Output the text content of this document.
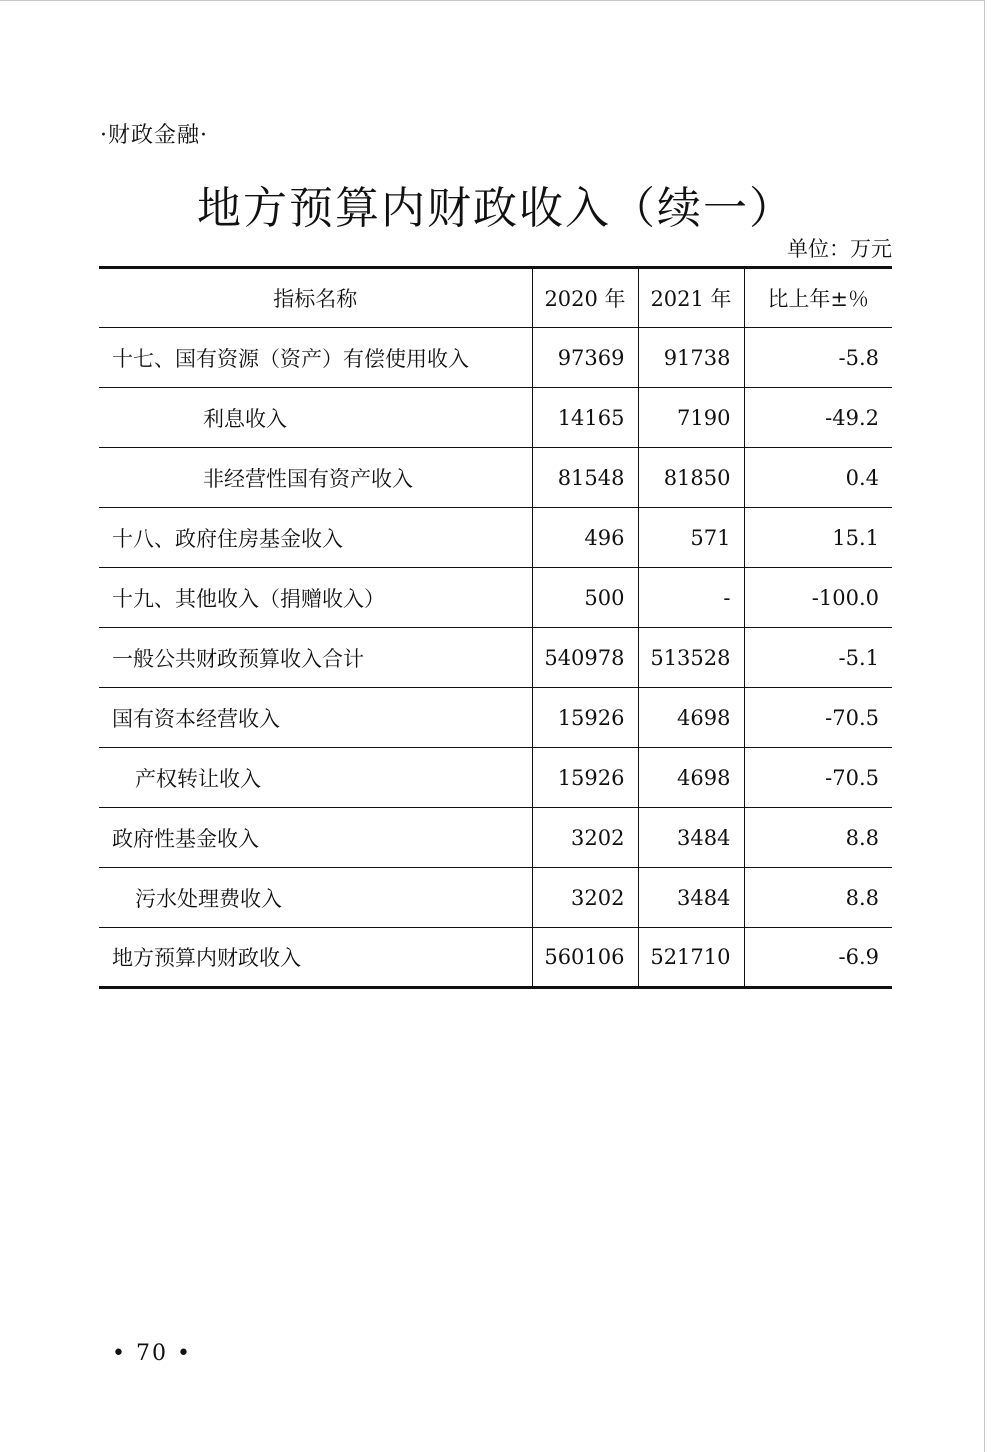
·财政金融·
地方预算内财政收入（续一）
单位：万元
指标名称	2020 年	2021 年	比上年±％
十七、国有资源（资产）有偿使用收入	97369	91738	-5.8
利息收入	14165	7190	-49.2
非经营性国有资产收入	81548	81850	0.4
十八、政府住房基金收入	496	571	15.1
十九、其他收入（捐赠收入）	500	-	-100.0
一般公共财政预算收入合计	540978	513528	-5.1
国有资本经营收入	15926	4698	-70.5
产权转让收入	15926	4698	-70.5
政府性基金收入	3202	3484	8.8
污水处理费收入	3202	3484	8.8
地方预算内财政收入	560106	521710	-6.9
• 70 •
